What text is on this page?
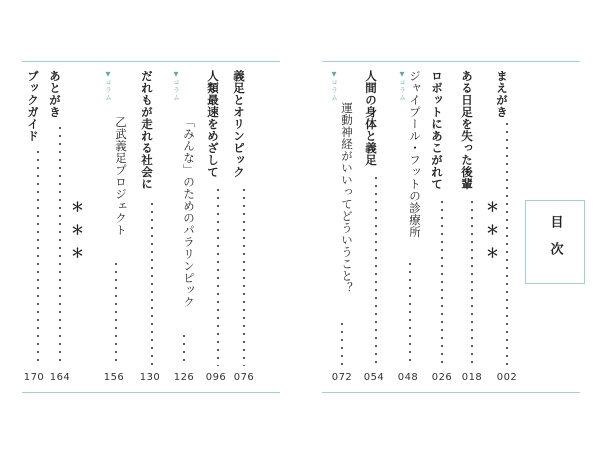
まえがき
002
ある日足を失った後輩
018
＊＊＊
ロボットにあこがれて
026
ジャイプール・フットの診療所
▼コラム
048
人間の身体と義足
054
運動神経がいいってどういうこと？
▼コラム
072
目次
義足とオリンピック
076
人類最速をめざして
096
「みんな」のためのパラリンピック
▼コラム
126
だれもが走れる社会に
130
乙武義足プロジェクト
▼コラム
156
＊＊＊
あとがき
164
ブックガイド
170
